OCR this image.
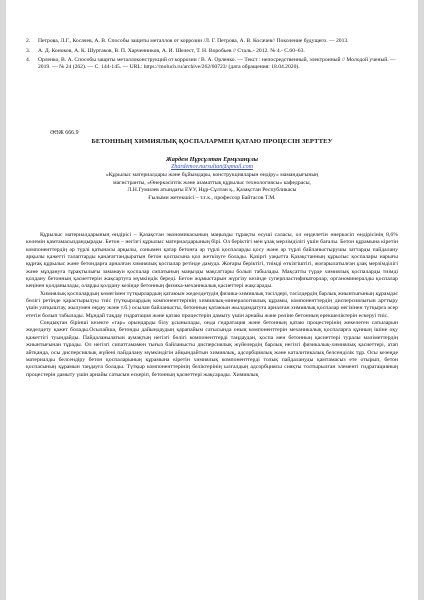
2.	Петрова, Л.Г., Косачев, А. В. Способы защиты металлов от коррозии /Л. Г. Петрова, А. В. Косачев// Поколение будущего. — 2013.
3.	А. Д. Коноков, А. К. Шуртаков, В. П. Харченников, А. И. Шелест, Т. Н. Воробьев // Сталь.- 2012. № 4.- С.60–63.
4.	Орленко, В. А. Способы защиты металлоконструкций от коррозии / В. А. Орленко. — Текст : непосредственный, электронный // Молодой ученый. — 2019. — № 24 (262). — С. 144-145. — URL: https://moluch.ru/archive/262/60723/ (дата обращения: 18.04.2020).
ӘӨЖ 666.9
БЕТОННЫҢ ХИМИЯЛЫҚ ҚОСПАЛАРМЕН ҚАТАЮ ПРОЦЕСІН ЗЕРТТЕУ
Жардем Нұрсұлтан Ермұханұлы
Zhardemov.nursultan@gmail.com
«Құрылыс материалдары және бұйымдары, конструкцияларын өндіру» мамандығының
магистранты, «Өнеркәсіптік және азаматтық құрылыс технологиясы» кафедрасы,
Л.Н.Гумилев атындағы ЕҰУ, Нұр-Сұлтан қ., Қазақстан Республикасы
Ғылыми жетекшісі – т.ғ.к., профессор Байтасов Т.М.

Құрылыс материалдарының өндірісі – Қазақстан экономикасының маңызды тұрақты өсуші саласы, ол өңделетін өнеркәсіп өндірісінің 8,6% көлемін қамтамасыздандырады. Бетон – негізгі құрылыс материалдарының бірі. Ол беріктігі мен ұзақ мерзімділігі үшін бағалы. Бетон құрамына кіретін компоненттердің әр түрлі қатынасы арқылы, сонымен қатар бетонға әр түрлі қоспаларды қосу және әр түрлі байланыстырушы заттарды пайдалану арқылы қажетті талаптарды қанағаттандыратын бетон қоспасына қол жеткізуге болады. Қазіргі уақытта Қазақстанның құрылыс қоспалары нарығы құрғақ құрылыс және бетондарға арналған химиялық қоспалар ретінде дамуда. Жоғары беріктігі, тиімді өткізгіштігі, жоғарылатылған ұзақ мерзімділігі және мұздануға тұрақтылығы заманауи қоспалар сипатының маңызды мақсаттары болып табылады. Мақсатты түрде химиялық қоспаларды тиімді қолдану бетонның қасиеттерін жақсартуға мүмкіндік береді. Бетон жұмыстарын жүргізу кезінде суперпластификаторлар, органоминералды қоспалар кеңінен қолданылады, оларды қолдану кезінде бетонның физика-механикалық қасиеттері жақсарады.

Химиялық қоспалардың көмегімен түтқырлардың қатаюын жеделдетудің физика-химиялық тәсілдері, тәсілдердің барлық жиынтығының құрамдас бөлігі ретінде қарастырылуы тиіс (түтқырлардың компоненттерінің химиялық-минералогиялық құрамы, компоненттердің дисперсиялығын арттыру үшін уатқыштау, жылумен өңдеу және т.б.) осылан байланысты, бетонның қатаюын жылдамдатуға арналған химиялық қоспалар негізінен түтқырға әсер ететін болып табылады. Мұндай тақдау гидратация және қатаю процестерін дамыту үшін арнайы және рөліне бетонның ерекшеліктерін ескеруі тиіс.

Сондықтан бірінші кезекте «тар» орындарды білу ұсынылады, онда гидратация және бетонның қатаю процестерінің жекелеген сатыларын жеделдету қажет болады.Осылайша, бетонды дайындаудың қарапайым сатысында оның компоненттерін механикалық қоспаларға құнның ішіне оқу қажеттігі туындайды. Пайдаланылатын аумақтың негізгі бөлігі компоненттерді таңдаудан, қоспа мен бетонның қасиеттері туралы мәліметтердің жиынтығынан тұрады. Ол негізгі сипаттамамен тығыз байланысты дисперсиялық жүйелердің барлық негізгі физикалық-химиялық қасиеттері, атап айтқанда, осы дисперсиялық жүйені пайдалану мүмкіндігін айқындайтын химиялық, адсорбциялық және каталитикалық белсенділік тұр. Осы кезеңде материалды белсендіру бетон қоспаларының құрамына кіретін химиялық компоненттерді толық пайдалануды қамтамасыз ете отырып, бетон қоспасының құрамын таңдауға болады. Түтқыр компоненттерінің беліктерінің ылғалдың адсорбциясы сияқты толтырылған элементі гидратацияның процестерін дамыту үшін арнайы сатысын ескеріп, бетонның қасиеттері жақсарады. Химиялық
